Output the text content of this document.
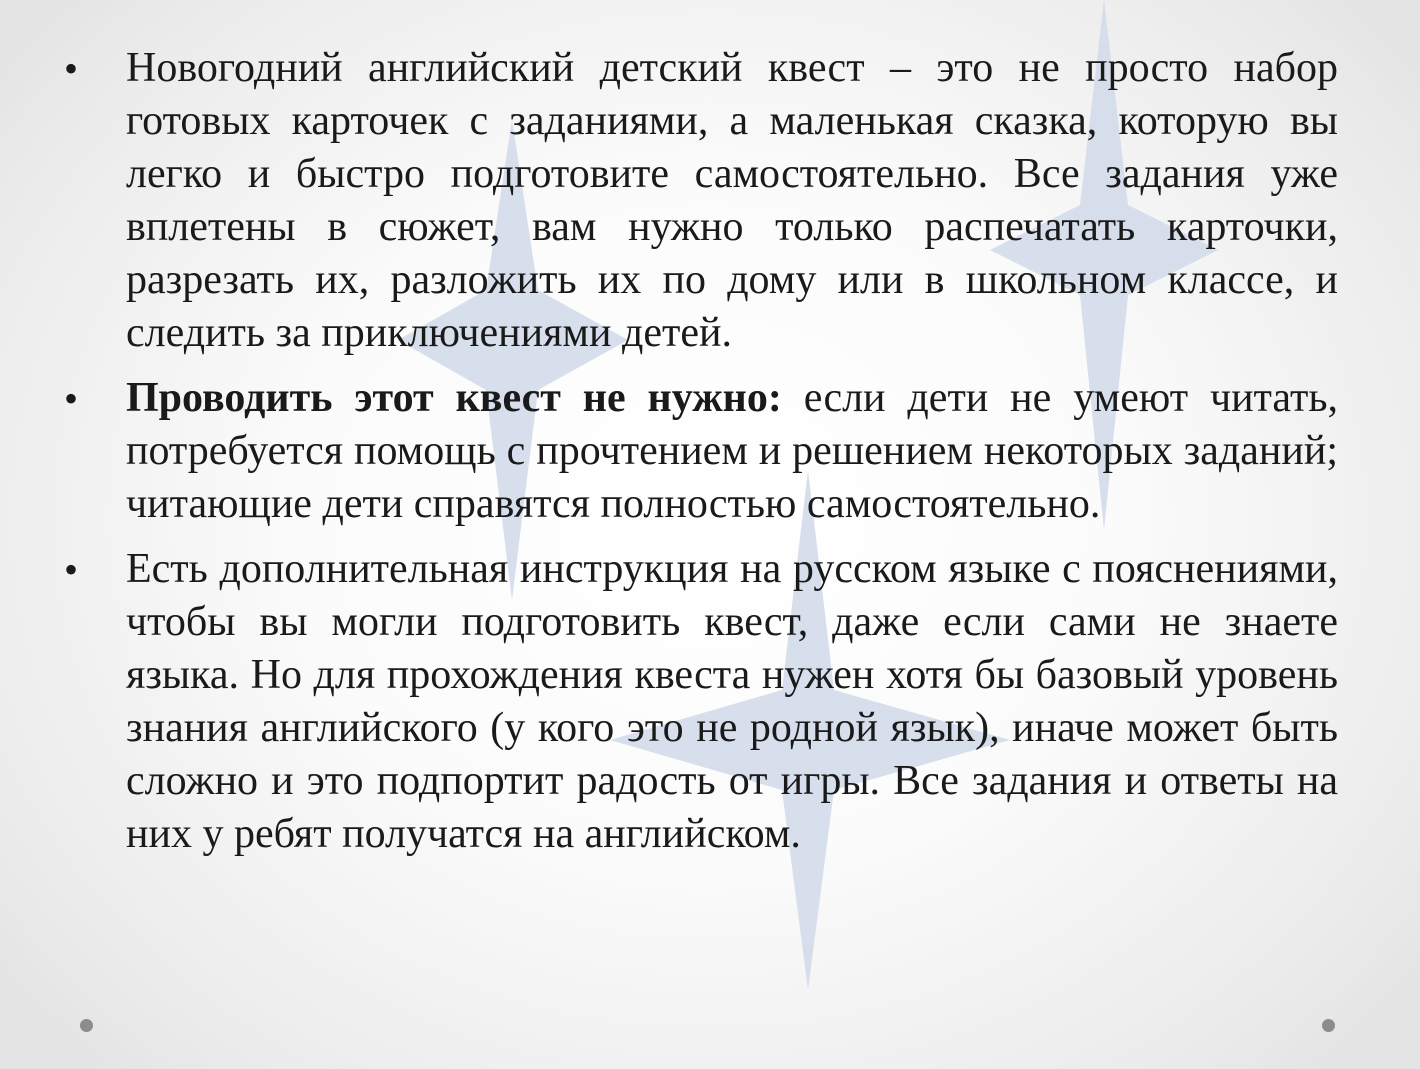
•	Новогодний английский детский квест – это не просто набор готовых карточек с заданиями, а маленькая сказка, которую вы легко и быстро подготовите самостоятельно. Все задания уже вплетены в сюжет, вам нужно только распечатать карточки, разрезать их, разложить их по дому или в школьном классе, и следить за приключениями детей.

•	Проводить этот квест не нужно: если дети не умеют читать, потребуется помощь с прочтением и решением некоторых заданий; читающие дети справятся полностью самостоятельно.

•	Есть дополнительная инструкция на русском языке с пояснениями, чтобы вы могли подготовить квест, даже если сами не знаете языка. Но для прохождения квеста нужен хотя бы базовый уровень знания английского (у кого это не родной язык), иначе может быть сложно и это подпортит радость от игры. Все задания и ответы на них у ребят получатся на английском.
